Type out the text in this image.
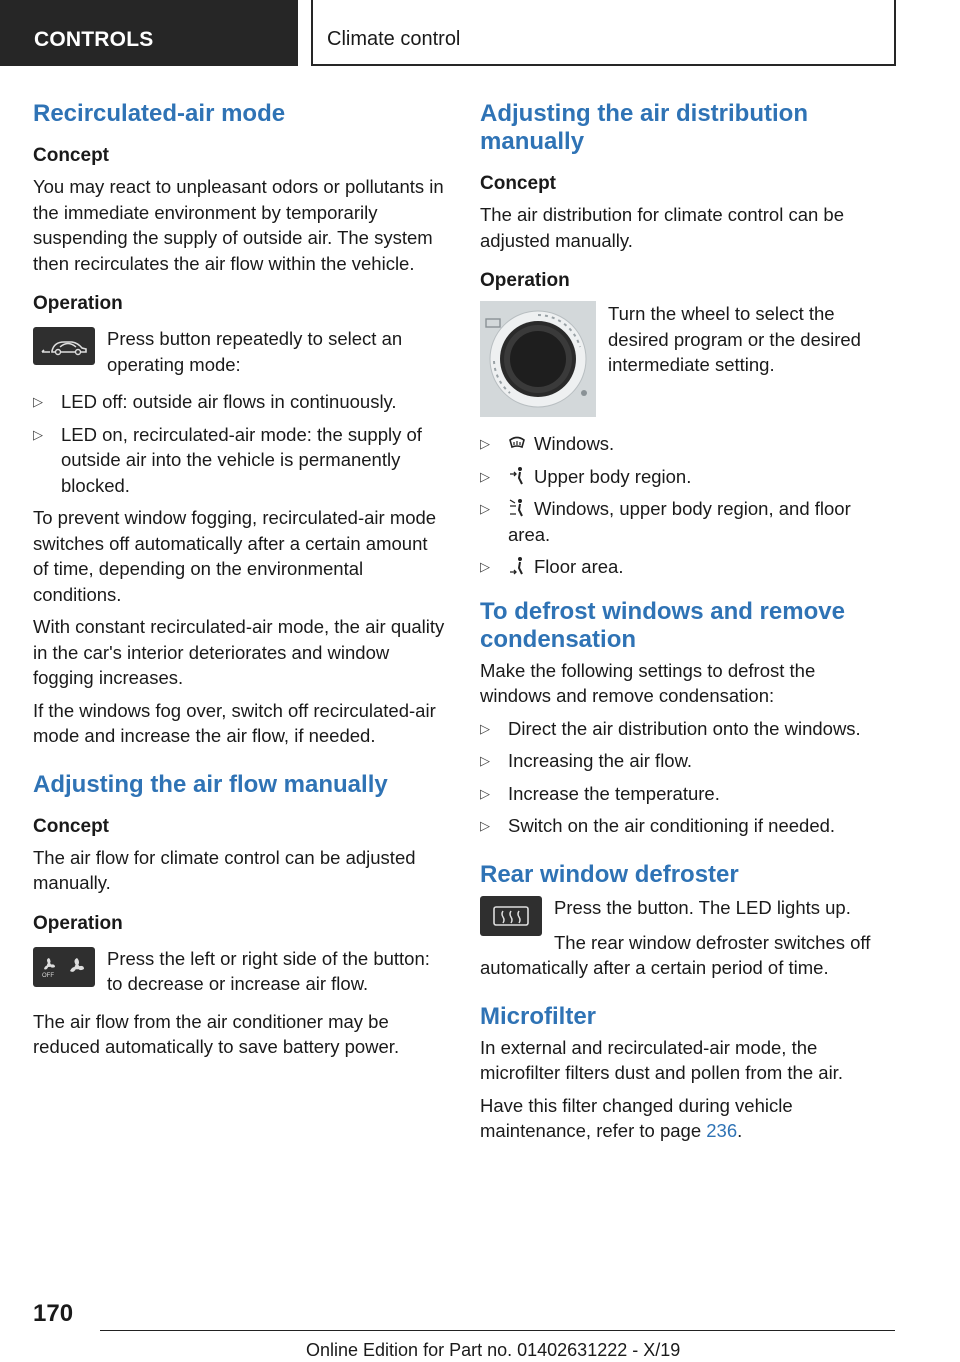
CONTROLS	Climate control
Recirculated-air mode
Concept

You may react to unpleasant odors or pollutants in the immediate environment by temporarily suspending the supply of outside air. The system then recirculates the air flow within the vehicle.

Operation

Press button repeatedly to select an operating mode:

▷ LED off: outside air flows in continuously.
▷ LED on, recirculated-air mode: the supply of outside air into the vehicle is permanently blocked.

To prevent window fogging, recirculated-air mode switches off automatically after a certain amount of time, depending on the environmental conditions.

With constant recirculated-air mode, the air quality in the car's interior deteriorates and window fogging increases.

If the windows fog over, switch off recirculated-air mode and increase the air flow, if needed.

Adjusting the air flow manually
Concept

The air flow for climate control can be adjusted manually.

Operation
OFF

Press the left or right side of the button: to decrease or increase air flow.

The air flow from the air conditioner may be reduced automatically to save battery power.

Adjusting the air distribution manually
Concept

The air distribution for climate control can be adjusted manually.

Operation

Turn the wheel to select the desired program or the desired intermediate setting.

▷ Windows.
▷ Upper body region.
▷ Windows, upper body region, and floor area.
▷ Floor area.
To defrost windows and remove condensation

Make the following settings to defrost the windows and remove condensation:

▷ Direct the air distribution onto the windows.
▷ Increasing the air flow.
▷ Increase the temperature.
▷ Switch on the air conditioning if needed.
Rear window defroster

Press the button. The LED lights up.

The rear window defroster switches off automatically after a certain period of time.

Microfilter

In external and recirculated-air mode, the microfilter filters dust and pollen from the air.

Have this filter changed during vehicle maintenance, refer to page 236.

170
Online Edition for Part no. 01402631222 - X/19
